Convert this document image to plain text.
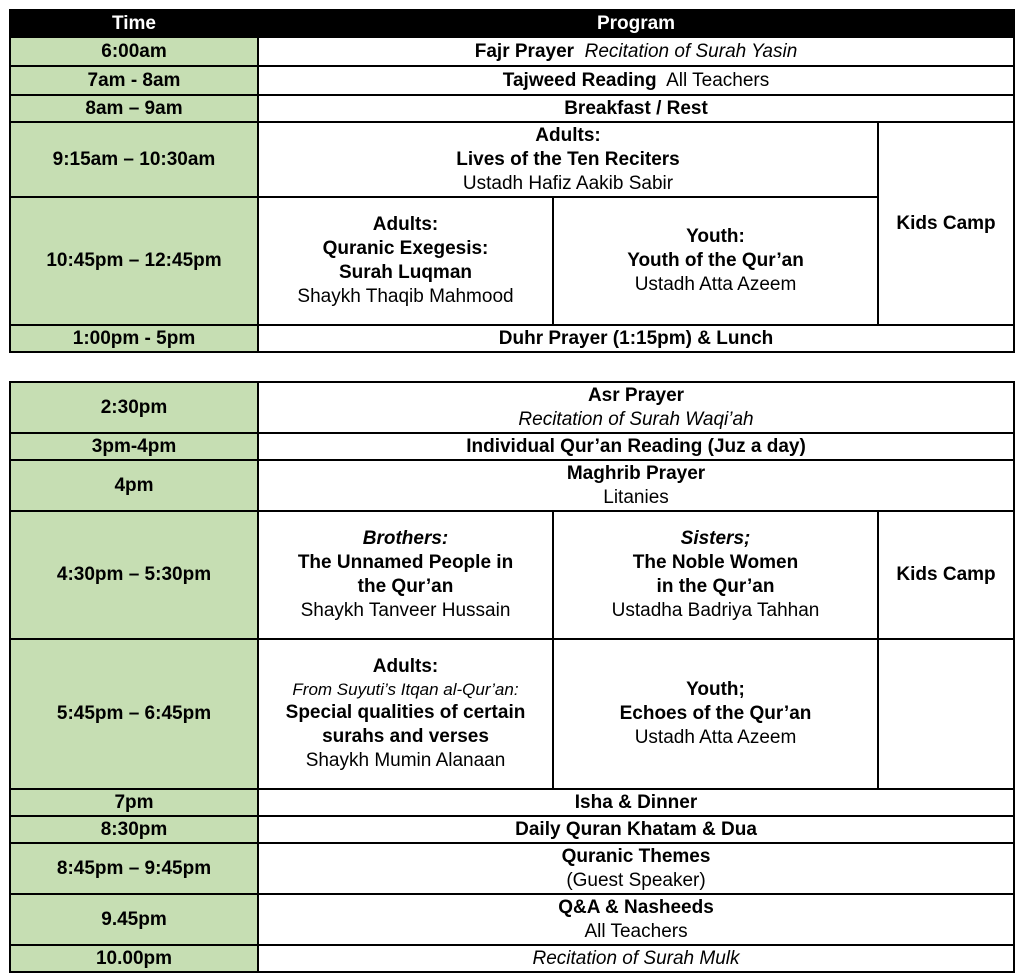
Time	Program		
6:00am	Fajr Prayer Recitation of Surah Yasin		
7am - 8am	Tajweed Reading All Teachers		
8am – 9am	Breakfast / Rest		
9:15am – 10:30am	Adults:
Lives of the Ten Reciters
Ustadh Hafiz Aakib Sabir		Kids Camp
10:45pm – 12:45pm	Adults:
Quranic Exegesis:
Surah Luqman
Shaykh Thaqib Mahmood	Youth:
Youth of the Qur’an
Ustadh Atta Azeem	

1:00pm - 5pm	Duhr Prayer (1:15pm) & Lunch		
2:30pm	Asr Prayer
Recitation of Surah Waqi’ah		

3pm-4pm	Individual Qur’an Reading (Juz a day)		
4pm	Maghrib Prayer
Litanies		

4:30pm – 5:30pm	Brothers:
The Unnamed People in
the Qur’an
Shaykh Tanveer Hussain	Sisters;
The Noble Women
in the Qur’an
Ustadha Badriya Tahhan	Kids Camp
5:45pm – 6:45pm	Adults:
From Suyuti’s Itqan al-Qur’an:
Special qualities of certain
surahs and verses
Shaykh Mumin Alanaan	Youth;
Echoes of the Qur’an
Ustadh Atta Azeem	

7pm	Isha & Dinner		
8:30pm	Daily Quran Khatam & Dua		
8:45pm – 9:45pm	Quranic Themes
(Guest Speaker)		

9.45pm	Q&A & Nasheeds
All Teachers		

10.00pm	Recitation of Surah Mulk		
